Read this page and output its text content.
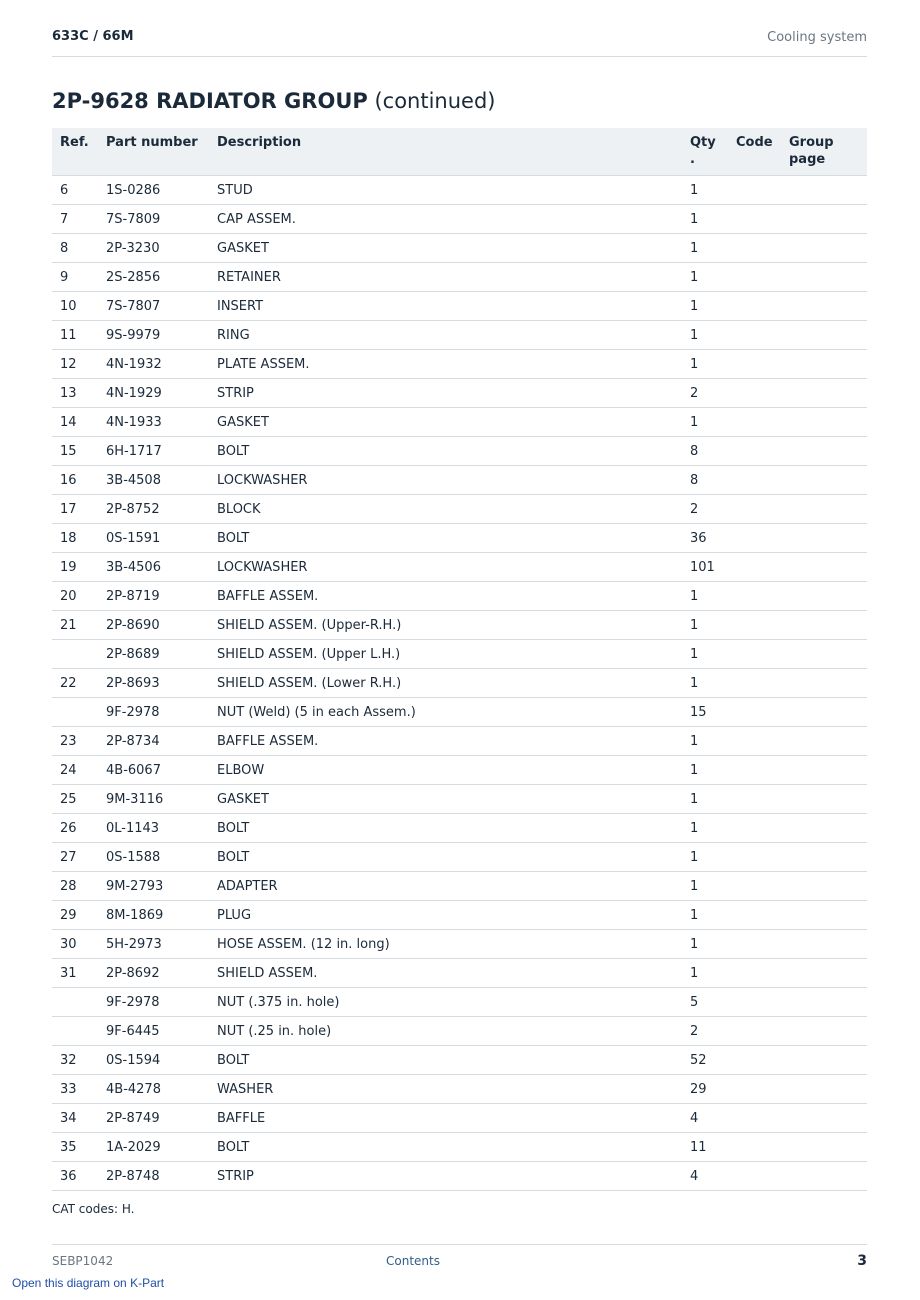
633C / 66M	Cooling system
2P-9628 RADIATOR GROUP (continued)
Ref.	Part number	Description	Qty .	Code	Group page
6	1S-0286	STUD	1		
7	7S-7809	CAP ASSEM.	1		
8	2P-3230	GASKET	1		
9	2S-2856	RETAINER	1		
10	7S-7807	INSERT	1		
11	9S-9979	RING	1		
12	4N-1932	PLATE ASSEM.	1		
13	4N-1929	STRIP	2		
14	4N-1933	GASKET	1		
15	6H-1717	BOLT	8		
16	3B-4508	LOCKWASHER	8		
17	2P-8752	BLOCK	2		
18	0S-1591	BOLT	36		
19	3B-4506	LOCKWASHER	101		
20	2P-8719	BAFFLE ASSEM.	1		
21	2P-8690	SHIELD ASSEM. (Upper-R.H.)	1		
	2P-8689	SHIELD ASSEM. (Upper L.H.)	1		
22	2P-8693	SHIELD ASSEM. (Lower R.H.)	1		
	9F-2978	NUT (Weld) (5 in each Assem.)	15		
23	2P-8734	BAFFLE ASSEM.	1		
24	4B-6067	ELBOW	1		
25	9M-3116	GASKET	1		
26	0L-1143	BOLT	1		
27	0S-1588	BOLT	1		
28	9M-2793	ADAPTER	1		
29	8M-1869	PLUG	1		
30	5H-2973	HOSE ASSEM. (12 in. long)	1		
31	2P-8692	SHIELD ASSEM.	1		
	9F-2978	NUT (.375 in. hole)	5		
	9F-6445	NUT (.25 in. hole)	2		
32	0S-1594	BOLT	52		
33	4B-4278	WASHER	29		
34	2P-8749	BAFFLE	4		
35	1A-2029	BOLT	11		
36	2P-8748	STRIP	4		
CAT codes: H.
SEBP1042	Contents	3
Open this diagram on K-Part
